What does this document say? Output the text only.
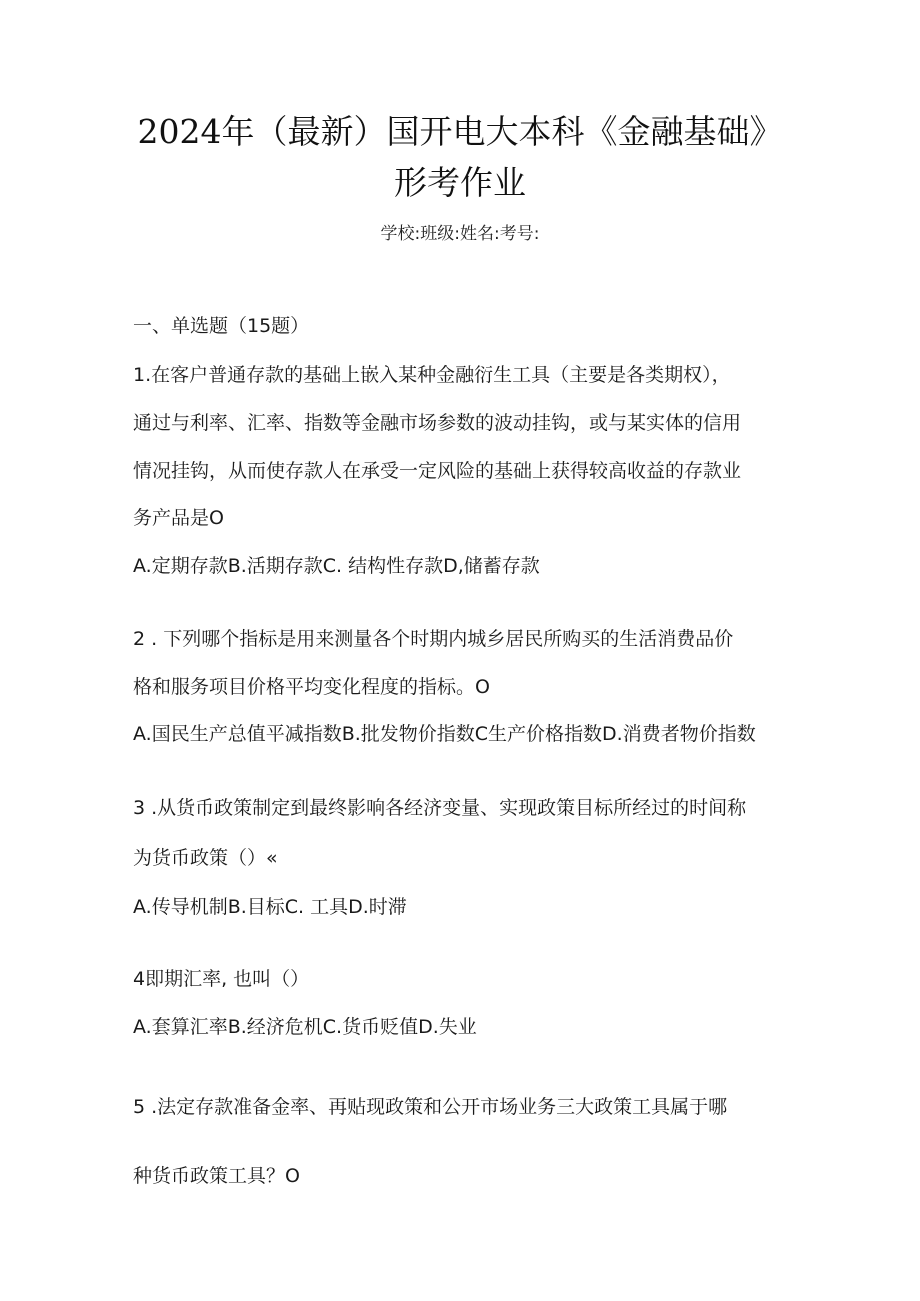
2024年（最新）国开电大本科《金融基础》
形考作业
学校:班级:姓名:考号:
一、单选题（15题）
1.在客户普通存款的基础上嵌入某种金融衍生工具（主要是各类期权），
通过与利率、汇率、指数等金融市场参数的波动挂钩，或与某实体的信用
情况挂钩，从而使存款人在承受一定风险的基础上获得较高收益的存款业
务产品是O
A.定期存款B.活期存款C. 结构性存款D,储蓄存款
2 . 下列哪个指标是用来测量各个时期内城乡居民所购买的生活消费品价
格和服务项目价格平均变化程度的指标。O
A.国民生产总值平减指数B.批发物价指数C生产价格指数D.消费者物价指数
3 .从货币政策制定到最终影响各经济变量、实现政策目标所经过的时间称
为货币政策（）«
A.传导机制B.目标C. 工具D.时滞
4即期汇率, 也叫（）
A.套算汇率B.经济危机C.货币贬值D.失业
5 .法定存款准备金率、再贴现政策和公开市场业务三大政策工具属于哪
种货币政策工具？O
